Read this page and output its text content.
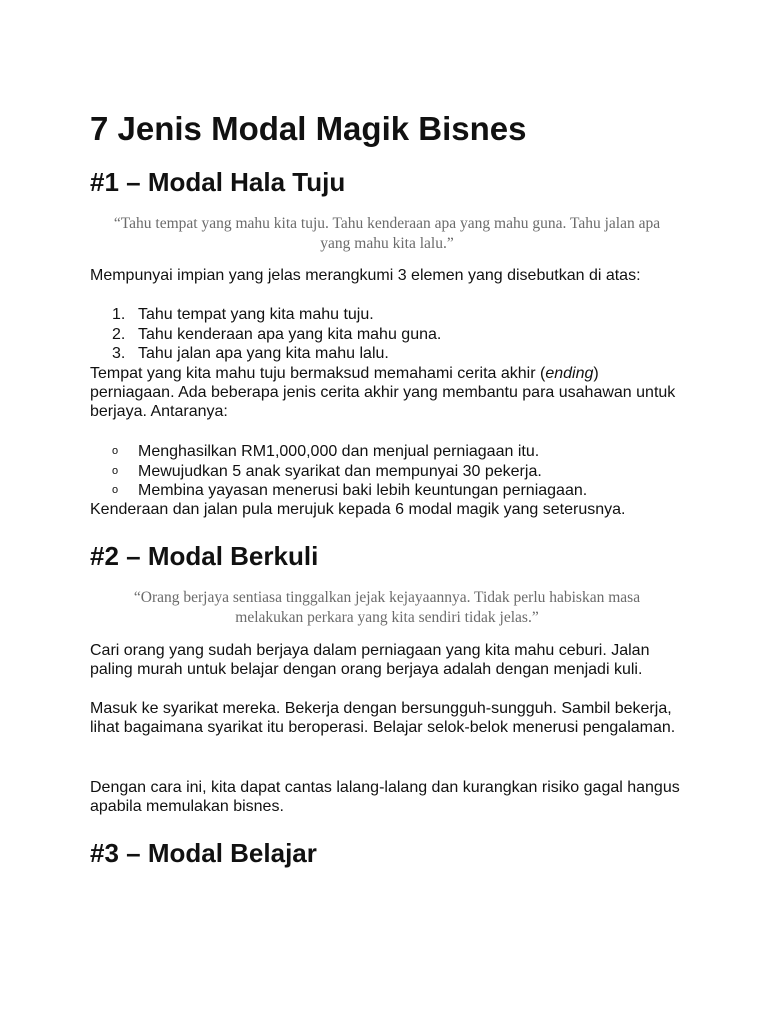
7 Jenis Modal Magik Bisnes
#1 – Modal Hala Tuju
“Tahu tempat yang mahu kita tuju. Tahu kenderaan apa yang mahu guna. Tahu jalan apa
yang mahu kita lalu.”
Mempunyai impian yang jelas merangkumi 3 elemen yang disebutkan di atas:
1. Tahu tempat yang kita mahu tuju.
2. Tahu kenderaan apa yang kita mahu guna.
3. Tahu jalan apa yang kita mahu lalu.
Tempat yang kita mahu tuju bermaksud memahami cerita akhir (ending) perniagaan. Ada beberapa jenis cerita akhir yang membantu para usahawan untuk berjaya. Antaranya:
o Menghasilkan RM1,000,000 dan menjual perniagaan itu.
o Mewujudkan 5 anak syarikat dan mempunyai 30 pekerja.
o Membina yayasan menerusi baki lebih keuntungan perniagaan.
Kenderaan dan jalan pula merujuk kepada 6 modal magik yang seterusnya.
#2 – Modal Berkuli
“Orang berjaya sentiasa tinggalkan jejak kejayaannya. Tidak perlu habiskan masa
melakukan perkara yang kita sendiri tidak jelas.”
Cari orang yang sudah berjaya dalam perniagaan yang kita mahu ceburi. Jalan paling murah untuk belajar dengan orang berjaya adalah dengan menjadi kuli.
Masuk ke syarikat mereka. Bekerja dengan bersungguh-sungguh. Sambil bekerja, lihat bagaimana syarikat itu beroperasi. Belajar selok-belok menerusi pengalaman.
Dengan cara ini, kita dapat cantas lalang-lalang dan kurangkan risiko gagal hangus apabila memulakan bisnes.
#3 – Modal Belajar
